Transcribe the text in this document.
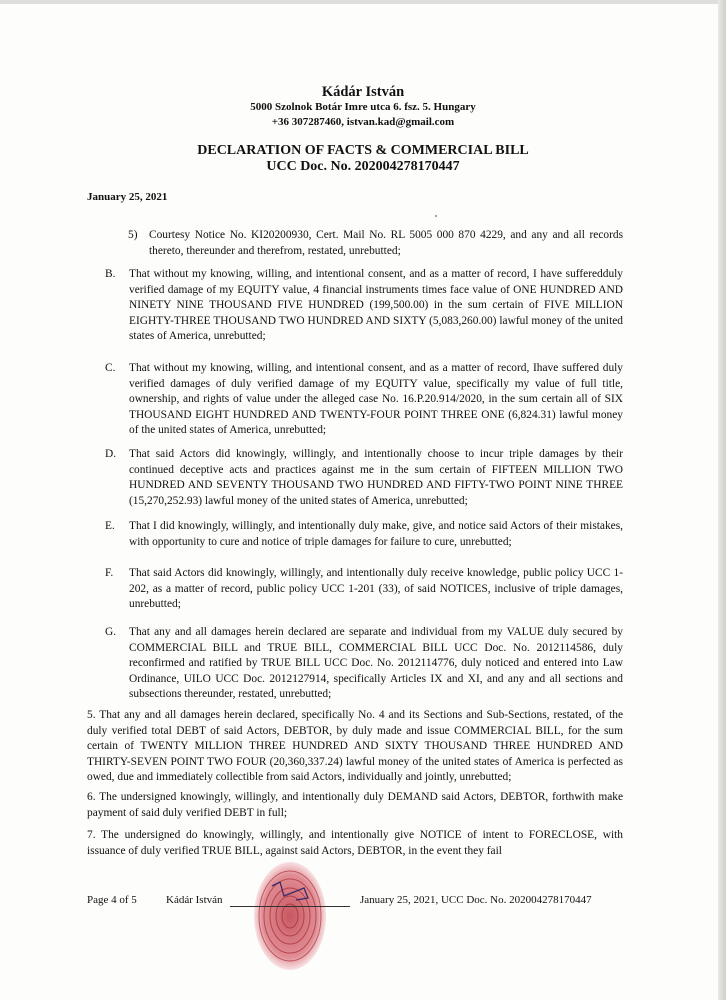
Kádár István
5000 Szolnok Botár Imre utca 6. fsz. 5. Hungary
+36 307287460, istvan.kad@gmail.com
DECLARATION OF FACTS & COMMERCIAL BILL
UCC Doc. No. 202004278170447
January 25, 2021
5) Courtesy Notice No. KI20200930, Cert. Mail No. RL 5005 000 870 4229, and any and all records thereto, thereunder and therefrom, restated, unrebutted;
B. That without my knowing, willing, and intentional consent, and as a matter of record, I have sufferedduly verified damage of my EQUITY value, 4 financial instruments times face value of ONE HUNDRED AND NINETY NINE THOUSAND FIVE HUNDRED (199,500.00) in the sum certain of FIVE MILLION EIGHTY-THREE THOUSAND TWO HUNDRED AND SIXTY (5,083,260.00) lawful money of the united states of America, unrebutted;
C. That without my knowing, willing, and intentional consent, and as a matter of record, Ihave suffered duly verified damages of duly verified damage of my EQUITY value, specifically my value of full title, ownership, and rights of value under the alleged case No. 16.P.20.914/2020, in the sum certain all of SIX THOUSAND EIGHT HUNDRED AND TWENTY-FOUR POINT THREE ONE (6,824.31) lawful money of the united states of America, unrebutted;
D. That said Actors did knowingly, willingly, and intentionally choose to incur triple damages by their continued deceptive acts and practices against me in the sum certain of FIFTEEN MILLION TWO HUNDRED AND SEVENTY THOUSAND TWO HUNDRED AND FIFTY-TWO POINT NINE THREE (15,270,252.93) lawful money of the united states of America, unrebutted;
E. That I did knowingly, willingly, and intentionally duly make, give, and notice said Actors of their mistakes, with opportunity to cure and notice of triple damages for failure to cure, unrebutted;
F. That said Actors did knowingly, willingly, and intentionally duly receive knowledge, public policy UCC 1-202, as a matter of record, public policy UCC 1-201 (33), of said NOTICES, inclusive of triple damages, unrebutted;
G. That any and all damages herein declared are separate and individual from my VALUE duly secured by COMMERCIAL BILL and TRUE BILL, COMMERCIAL BILL UCC Doc. No. 2012114586, duly reconfirmed and ratified by TRUE BILL UCC Doc. No. 2012114776, duly noticed and entered into Law Ordinance, UILO UCC Doc. 2012127914, specifically Articles IX and XI, and any and all sections and subsections thereunder, restated, unrebutted;
5. That any and all damages herein declared, specifically No. 4 and its Sections and Sub-Sections, restated, of the duly verified total DEBT of said Actors, DEBTOR, by duly made and issue COMMERCIAL BILL, for the sum certain of TWENTY MILLION THREE HUNDRED AND SIXTY THOUSAND THREE HUNDRED AND THIRTY-SEVEN POINT TWO FOUR (20,360,337.24) lawful money of the united states of America is perfected as owed, due and immediately collectible from said Actors, individually and jointly, unrebutted;
6. The undersigned knowingly, willingly, and intentionally duly DEMAND said Actors, DEBTOR, forthwith make payment of said duly verified DEBT in full;
7. The undersigned do knowingly, willingly, and intentionally give NOTICE of intent to FORECLOSE, with issuance of duly verified TRUE BILL, against said Actors, DEBTOR, in the event they fail
Page 4 of 5	Kádár István	January 25, 2021, UCC Doc. No. 202004278170447
